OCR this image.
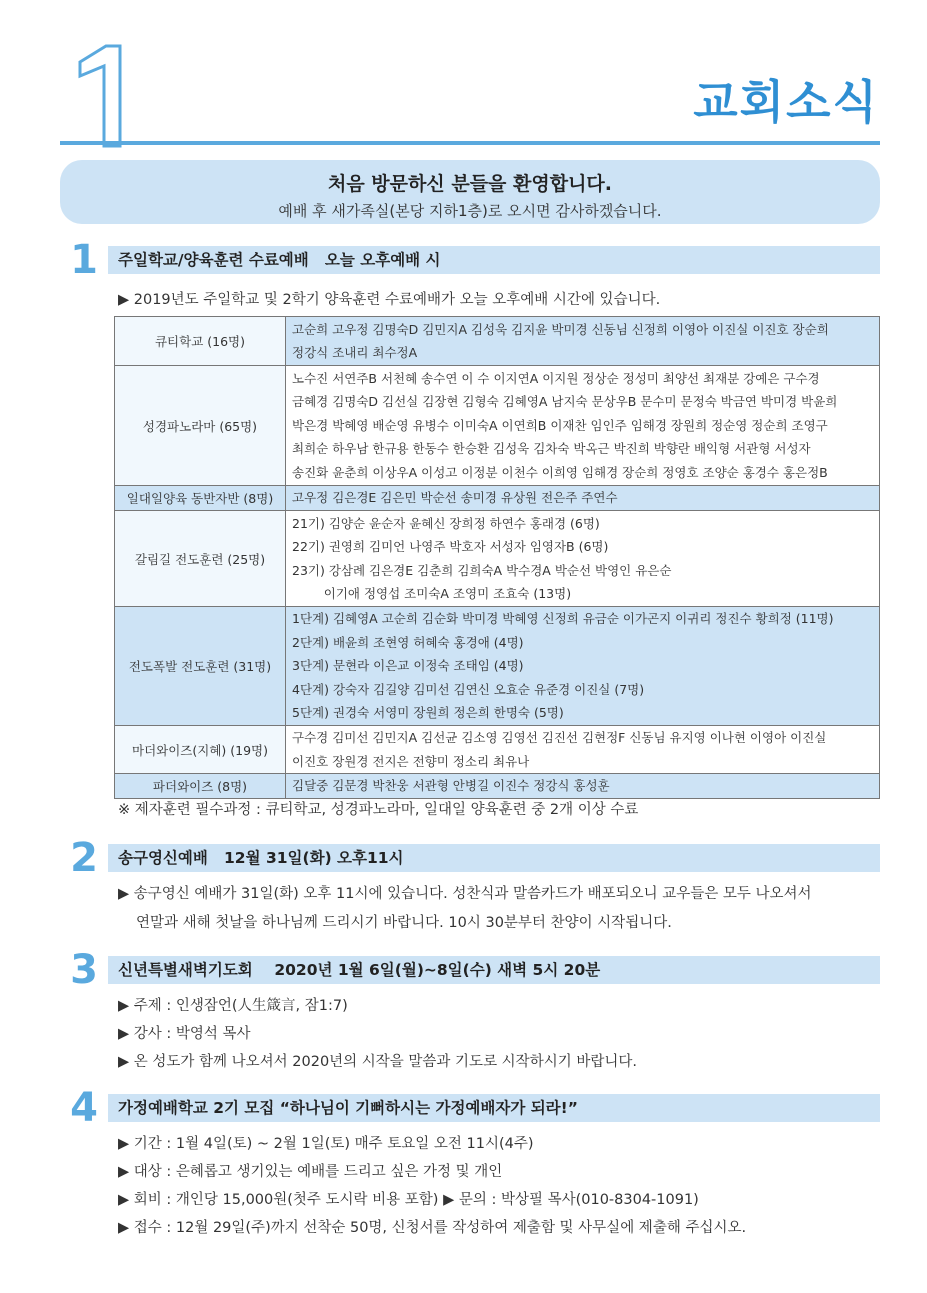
교회소식
처음 방문하신 분들을 환영합니다.
예배 후 새가족실(본당 지하1층)로 오시면 감사하겠습니다.
1	주일학교/양육훈련 수료예배   오늘 오후예배 시
▶ 2019년도 주일학교 및 2학기 양육훈련 수료예배가 오늘 오후예배 시간에 있습니다.
큐티학교 (16명)	고순희 고우정 김명숙D 김민지A 김성욱 김지윤 박미경 신동님 신정희 이영아 이진실 이진호 장순희
정강식 조내리 최수정A

성경파노라마 (65명)	노수진 서연주B 서천혜 송수연 이 수 이지연A 이지원 정상순 정성미 최양선 최재분 강예은 구수경
금혜경 김명숙D 김선실 김장현 김형숙 김혜영A 남지숙 문상우B 문수미 문정숙 박금연 박미경 박윤희
박은경 박혜영 배순영 유병수 이미숙A 이연희B 이재찬 임인주 임해경 장원희 정순영 정순희 조영구
최희순 하우남 한규용 한동수 한승환 김성욱 김차숙 박옥근 박진희 박향란 배익형 서관형 서성자
송진화 윤춘희 이상우A 이성고 이정분 이천수 이희영 임해경 장순희 정영호 조양순 홍경수 홍은정B

일대일양육 동반자반 (8명)	고우정 김은경E 김은민 박순선 송미경 유상원 전은주 주연수

갈림길 전도훈련 (25명)	21기) 김양순 윤순자 윤혜신 장희정 하연수 홍래경 (6명)
22기) 권영희 김미언 나영주 박호자 서성자 임영자B (6명)
23기) 강삼례 김은경E 김춘희 김희숙A 박수경A 박순선 박영인 유은순
이기애 정영섭 조미숙A 조영미 조효숙 (13명)

전도폭발 전도훈련 (31명)	1단계) 김혜영A 고순희 김순화 박미경 박혜영 신정희 유금순 이가곤지 이귀리 정진수 황희정 (11명)
2단계) 배윤희 조현영 허혜숙 홍경애 (4명)
3단계) 문현라 이은교 이정숙 조태임 (4명)
4단계) 강숙자 김길양 김미선 김연신 오효순 유준경 이진실 (7명)
5단계) 권경숙 서영미 장원희 정은희 한명숙 (5명)

마더와이즈(지혜) (19명)	구수경 김미선 김민지A 김선균 김소영 김영선 김진선 김현정F 신동님 유지영 이나현 이영아 이진실
이진호 장원경 전지은 전향미 정소리 최유나

파더와이즈 (8명)	김달중 김문경 박찬웅 서관형 안병길 이진수 정강식 홍성훈
※ 제자훈련 필수과정 : 큐티학교, 성경파노라마, 일대일 양육훈련 중 2개 이상 수료
2	송구영신예배   12월 31일(화) 오후11시
▶ 송구영신 예배가 31일(화) 오후 11시에 있습니다. 성찬식과 말씀카드가 배포되오니 교우들은 모두 나오셔서
연말과 새해 첫날을 하나님께 드리시기 바랍니다. 10시 30분부터 찬양이 시작됩니다.
3	신년특별새벽기도회    2020년 1월 6일(월)~8일(수) 새벽 5시 20분
▶ 주제 : 인생잠언(人生箴言, 잠1:7)
▶ 강사 : 박영석 목사
▶ 온 성도가 함께 나오셔서 2020년의 시작을 말씀과 기도로 시작하시기 바랍니다.
4	가정예배학교 2기 모집 “하나님이 기뻐하시는 가정예배자가 되라!”
▶ 기간 : 1월 4일(토) ~ 2월 1일(토) 매주 토요일 오전 11시(4주)
▶ 대상 : 은혜롭고 생기있는 예배를 드리고 싶은 가정 및 개인
▶ 회비 : 개인당 15,000원(첫주 도시락 비용 포함) ▶ 문의 : 박상필 목사(010-8304-1091)
▶ 접수 : 12월 29일(주)까지 선착순 50명, 신청서를 작성하여 제출함 및 사무실에 제출해 주십시오.
